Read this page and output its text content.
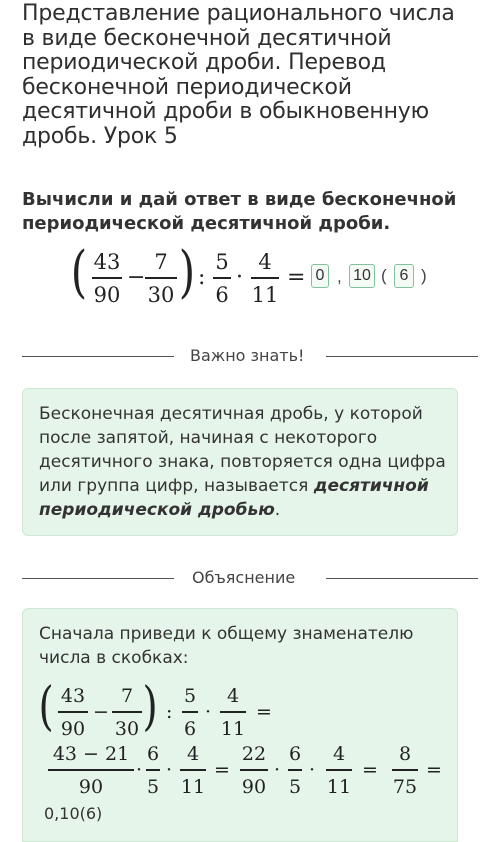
Представление рационального числа
в виде бесконечной десятичной
периодической дроби. Перевод
бесконечной периодической
десятичной дроби в обыкновенную
дробь. Урок 5
Вычисли и дай ответ в виде бесконечной
периодической десятичной дроби.
( 43
90
−
7
30 ) :
5
6
·
4
11
= 0 , 10 ( 6 )
Важно знать!
Бесконечная десятичная дробь, у которой
после запятой, начиная с некоторого
десятичного знака, повторяется одна цифра
или группа цифр, называется десятичной
периодической дробью.
Объяснение
Сначала приведи к общему знаменателю
числа в скобках:
( 43
90
−
7
30 ) :
5
6
·
4
11
=
43 − 21
90
·
6
5
·
4
11
=
22
90
·
6
5
·
4
11
=
8
75
=
0,10(6)
